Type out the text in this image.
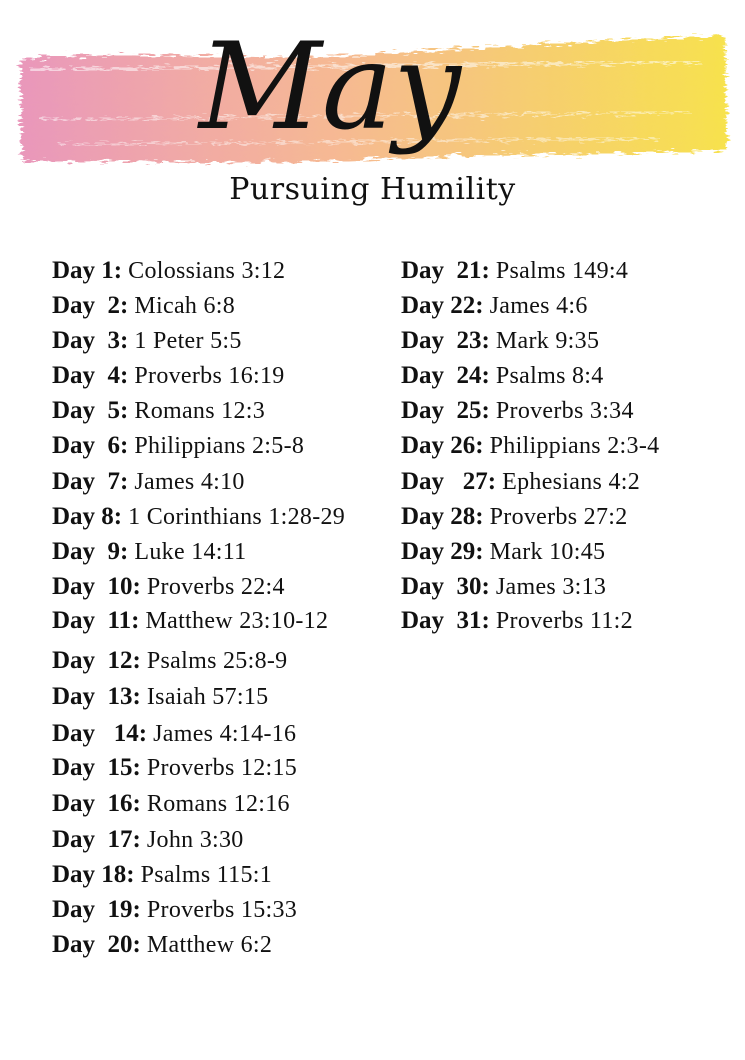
May
Pursuing Humility
Day 1: Colossians 3:12
Day  2: Micah 6:8
Day  3: 1 Peter 5:5
Day  4: Proverbs 16:19
Day  5: Romans 12:3
Day  6: Philippians 2:5-8
Day  7: James 4:10
Day 8: 1 Corinthians 1:28-29
Day  9: Luke 14:11
Day  10: Proverbs 22:4
Day  11: Matthew 23:10-12
Day  12: Psalms 25:8-9
Day  13: Isaiah 57:15
Day   14: James 4:14-16
Day  15: Proverbs 12:15
Day  16: Romans 12:16
Day  17: John 3:30
Day 18: Psalms 115:1
Day  19: Proverbs 15:33
Day  20: Matthew 6:2
Day  21: Psalms 149:4
Day 22: James 4:6
Day  23: Mark 9:35
Day  24: Psalms 8:4
Day  25: Proverbs 3:34
Day 26: Philippians 2:3-4
Day   27: Ephesians 4:2
Day 28: Proverbs 27:2
Day 29: Mark 10:45
Day  30: James 3:13
Day  31: Proverbs 11:2
